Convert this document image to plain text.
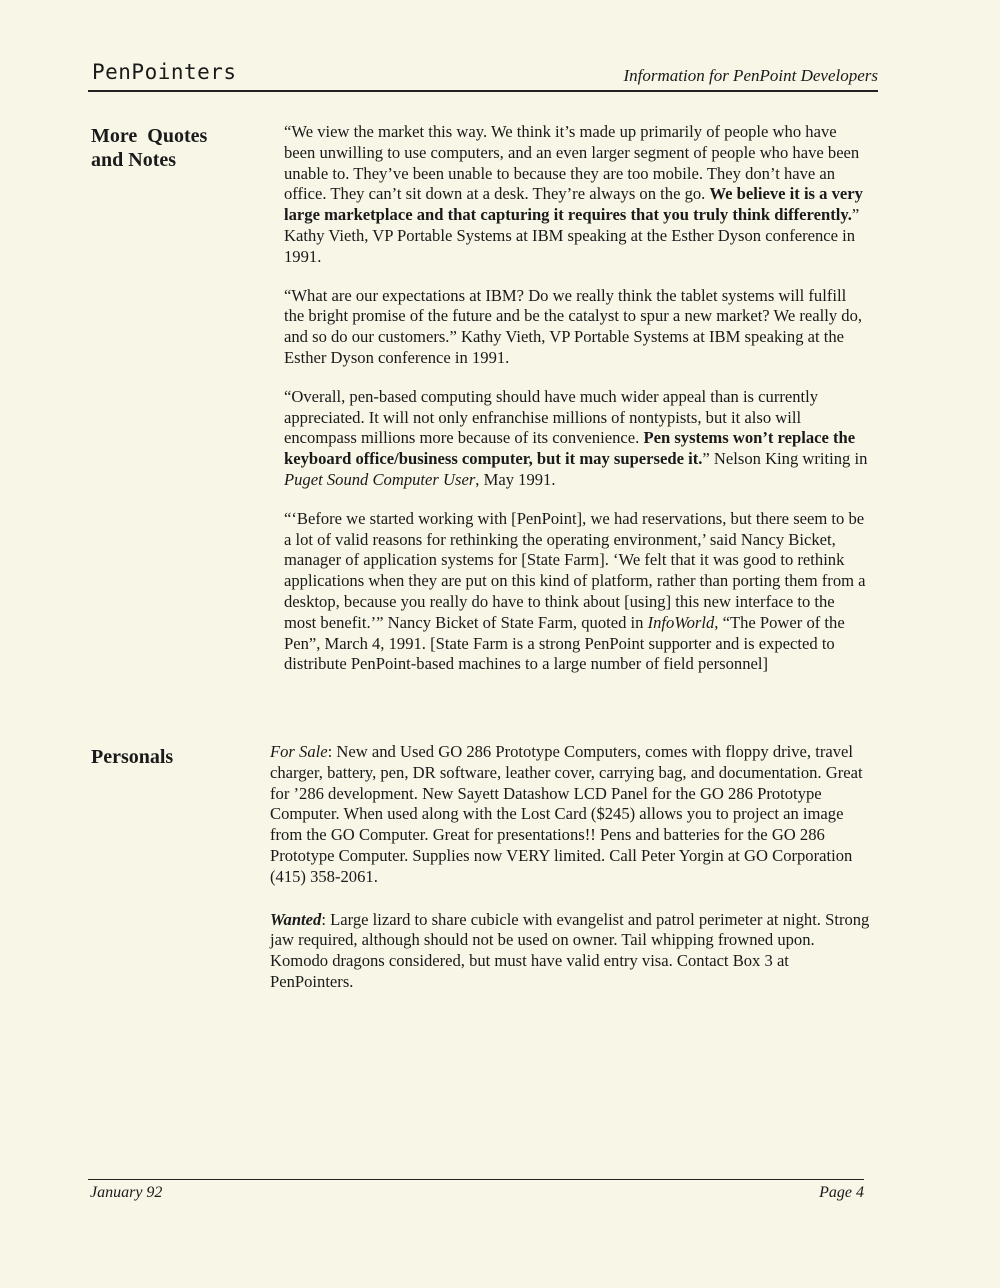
PenPointers	Information for PenPoint Developers
More  Quotes
and Notes

“We view the market this way. We think it’s made up primarily of people who have been unwilling to use computers, and an even larger segment of people who have been unable to. They’ve been unable to because they are too mobile. They don’t have an office. They can’t sit down at a desk. They’re always on the go. We believe it is a very large marketplace and that capturing it requires that you truly think differently.” Kathy Vieth, VP Portable Systems at IBM speaking at the Esther Dyson conference in 1991.

“What are our expectations at IBM? Do we really think the tablet systems will fulfill the bright promise of the future and be the catalyst to spur a new market? We really do, and so do our customers.” Kathy Vieth, VP Portable Systems at IBM speaking at the Esther Dyson conference in 1991.

“Overall, pen-based computing should have much wider appeal than is currently appreciated. It will not only enfranchise millions of nontypists, but it also will encompass millions more because of its convenience. Pen systems won’t replace the keyboard office/business computer, but it may supersede it.” Nelson King writing in Puget Sound Computer User, May 1991.

“‘Before we started working with [PenPoint], we had reservations, but there seem to be a lot of valid reasons for rethinking the operating environment,’ said Nancy Bicket, manager of application systems for [State Farm]. ‘We felt that it was good to rethink applications when they are put on this kind of platform, rather than porting them from a desktop, because you really do have to think about [using] this new interface to the most benefit.’” Nancy Bicket of State Farm, quoted in InfoWorld, “The Power of the Pen”, March 4, 1991. [State Farm is a strong PenPoint supporter and is expected to distribute PenPoint-based machines to a large number of field personnel]

Personals	For Sale: New and Used GO 286 Prototype Computers, comes with floppy drive, travel charger, battery, pen, DR software, leather cover, carrying bag, and documentation. Great for ’286 development. New Sayett Datashow LCD Panel for the GO 286 Prototype Computer. When used along with the Lost Card ($245) allows you to project an image from the GO Computer. Great for presentations!! Pens and batteries for the GO 286 Prototype Computer. Supplies now VERY limited. Call Peter Yorgin at GO Corporation (415) 358-2061.

Wanted: Large lizard to share cubicle with evangelist and patrol perimeter at night. Strong jaw required, although should not be used on owner. Tail whipping frowned upon. Komodo dragons considered, but must have valid entry visa. Contact Box 3 at PenPointers.

January 92	Page 4
